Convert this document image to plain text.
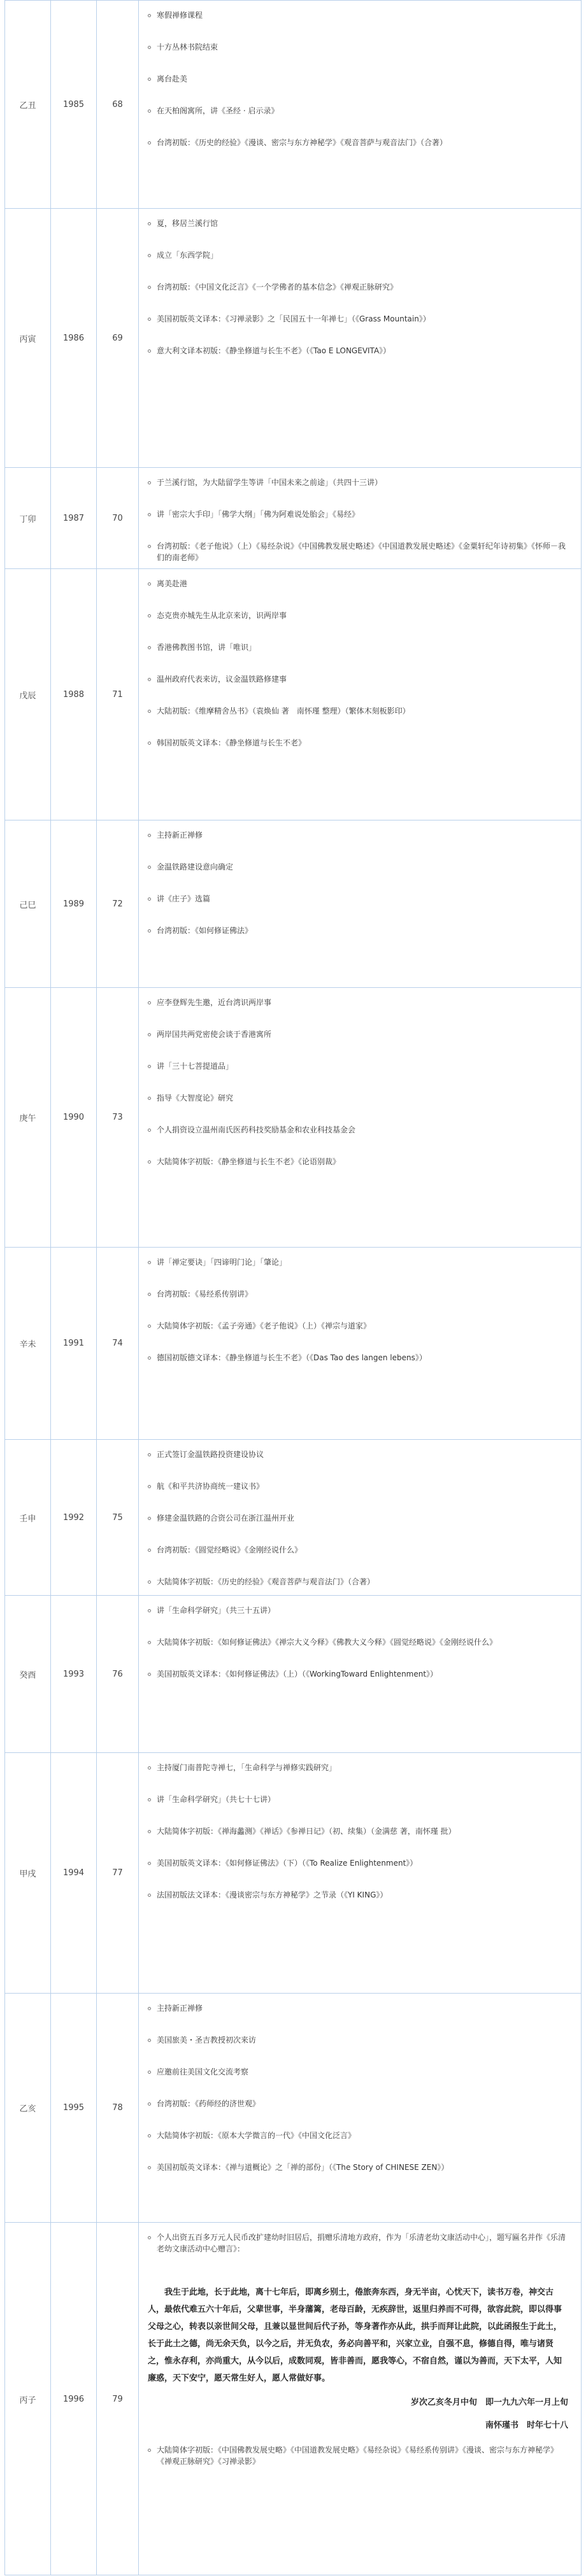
乙丑	1985	68
寒假禅修课程
十方丛林书院结束
离台赴美
在天柏阁寓所，讲《圣经 · 启示录》
台湾初版：《历史的经验》《漫谈、密宗与东方神秘学》《观音菩萨与观音法门》（合著）
丙寅	1986	69
夏，移居兰溪行馆
成立「东西学院」
台湾初版：《中国文化泛言》《一个学佛者的基本信念》《禅观正脉研究》
美国初版英文译本：《习禅录影》之「民国五十一年禅七」（《Grass Mountain》）
意大利文译本初版：《静坐修道与长生不老》（《Tao E LONGEVITA》）
丁卯	1987	70
于兰溪行馆，为大陆留学生等讲「中国未来之前途」（共四十三讲）
讲「密宗大手印」「佛学大纲」「佛为阿难说处胎会」《易经》
台湾初版：《老子他说》（上）《易经杂说》《中国佛教发展史略述》《中国道教发展史略述》《金粟轩纪年诗初集》《怀师－我们的南老师》
戊辰	1988	71
离美赴港
态克贵亦城先生从北京来访，识两岸事
香港佛教图书馆，讲「唯识」
温州政府代表来访，议金温铁路修建事
大陆初版：《维摩精舍丛书》（袁焕仙 著　南怀瑾 整理）（繁体木刻板影印）
韩国初版英文译本：《静坐修道与长生不老》
己巳	1989	72
主持新正禅修
金温铁路建设意向确定
讲《庄子》选篇
台湾初版：《如何修证佛法》
庚午	1990	73
应李登辉先生邀，近台湾识两岸事
两岸国共两党密使会谈于香港寓所
讲「三十七菩提道品」
指导《大智度论》研究
个人捐资设立温州南氏医药科技奖励基金和农业科技基金会
大陆简体字初版：《静坐修道与长生不老》《论语别裁》
辛未	1991	74
讲「禅定要诀」「四谛明门论」「肇论」
台湾初版：《易经系传别讲》
大陆简体字初版：《孟子旁通》《老子他说》（上）《禅宗与道家》
德国初版德文译本：《静坐修道与长生不老》（《Das Tao des langen lebens》）
壬申	1992	75
正式签订金温铁路投资建设协议
航《和平共济协商统一建议书》
修建金温铁路的合资公司在浙江温州开业
台湾初版：《圆觉经略说》《金刚经说什么》
大陆简体字初版：《历史的经验》《观音菩萨与观音法门》（合著）
癸酉	1993	76
讲「生命科学研究」（共三十五讲）
大陆简体字初版：《如何修证佛法》《禅宗大义今释》《佛教大义今释》《圆觉经略说》《金刚经说什么》
美国初版英文译本：《如何修证佛法》（上）（《WorkingToward Enlightenment》）
甲戌	1994	77
主持厦门南普陀寺禅七，「生命科学与禅修实践研究」
讲「生命科学研究」（共七十七讲）
大陆简体字初版：《禅海蠡测》《禅话》《参禅日记》（初、续集）（金满慈 著，南怀瑾 批）
美国初版英文译本：《如何修证佛法》（下）（《To Realize Enlightenment》）
法国初版法文译本：《漫谈密宗与东方神秘学》之节录（《YI KING》）
乙亥	1995	78
主持新正禅修
美国旅美・圣吉教授初次来访
应邀前往美国文化交流考察
台湾初版：《药师经的济世观》
大陆简体字初版：《原本大学微言的一代》《中国文化泛言》
美国初版英文译本：《禅与道概论》之「禅的部份」（《The Story of CHINESE ZEN》）
丙子	1996	79
个人出资五百多万元人民币改扩建幼时旧居后，捐赠乐清地方政府，作为「乐清老幼文康活动中心」，题写匾名并作《乐清老幼文康活动中心赠言》：
我生于此地，长于此地，离十七年后，即离乡别土，倦旅奔东西，身无半亩，心忧天下，读书万卷，神交古人，最侬代难五六十年后，父辈世事，半身藩篱，老母百龄，无疾辞世，返里归养而不可得，欲容此院，即以得事父母之心，转表以亲世间父母，且兼以显世间后代子孙，等身著作亦从此，拱手而拜让此院，以此函报生于此土，长于此土之德，尚无余天负，以今之后，并无负农，务必向善平和，兴家立业，自强不息，修德自得，唯与诸贤之，惟永存利，亦尚重大，从今以后，成数同观，皆非善而，愿我等心，不宿自然，谨以为善而，天下太平，人知廉惑，天下安宁，愿天常生好人，愿人常做好事。
岁次乙亥冬月中旬　即一九九六年一月上旬
南怀瑾书　时年七十八
大陆简体字初版：《中国佛教发展史略》《中国道教发展史略》《易经杂说》《易经系传别讲》《漫谈、密宗与东方神秘学》《禅观正脉研究》《习禅录影》
